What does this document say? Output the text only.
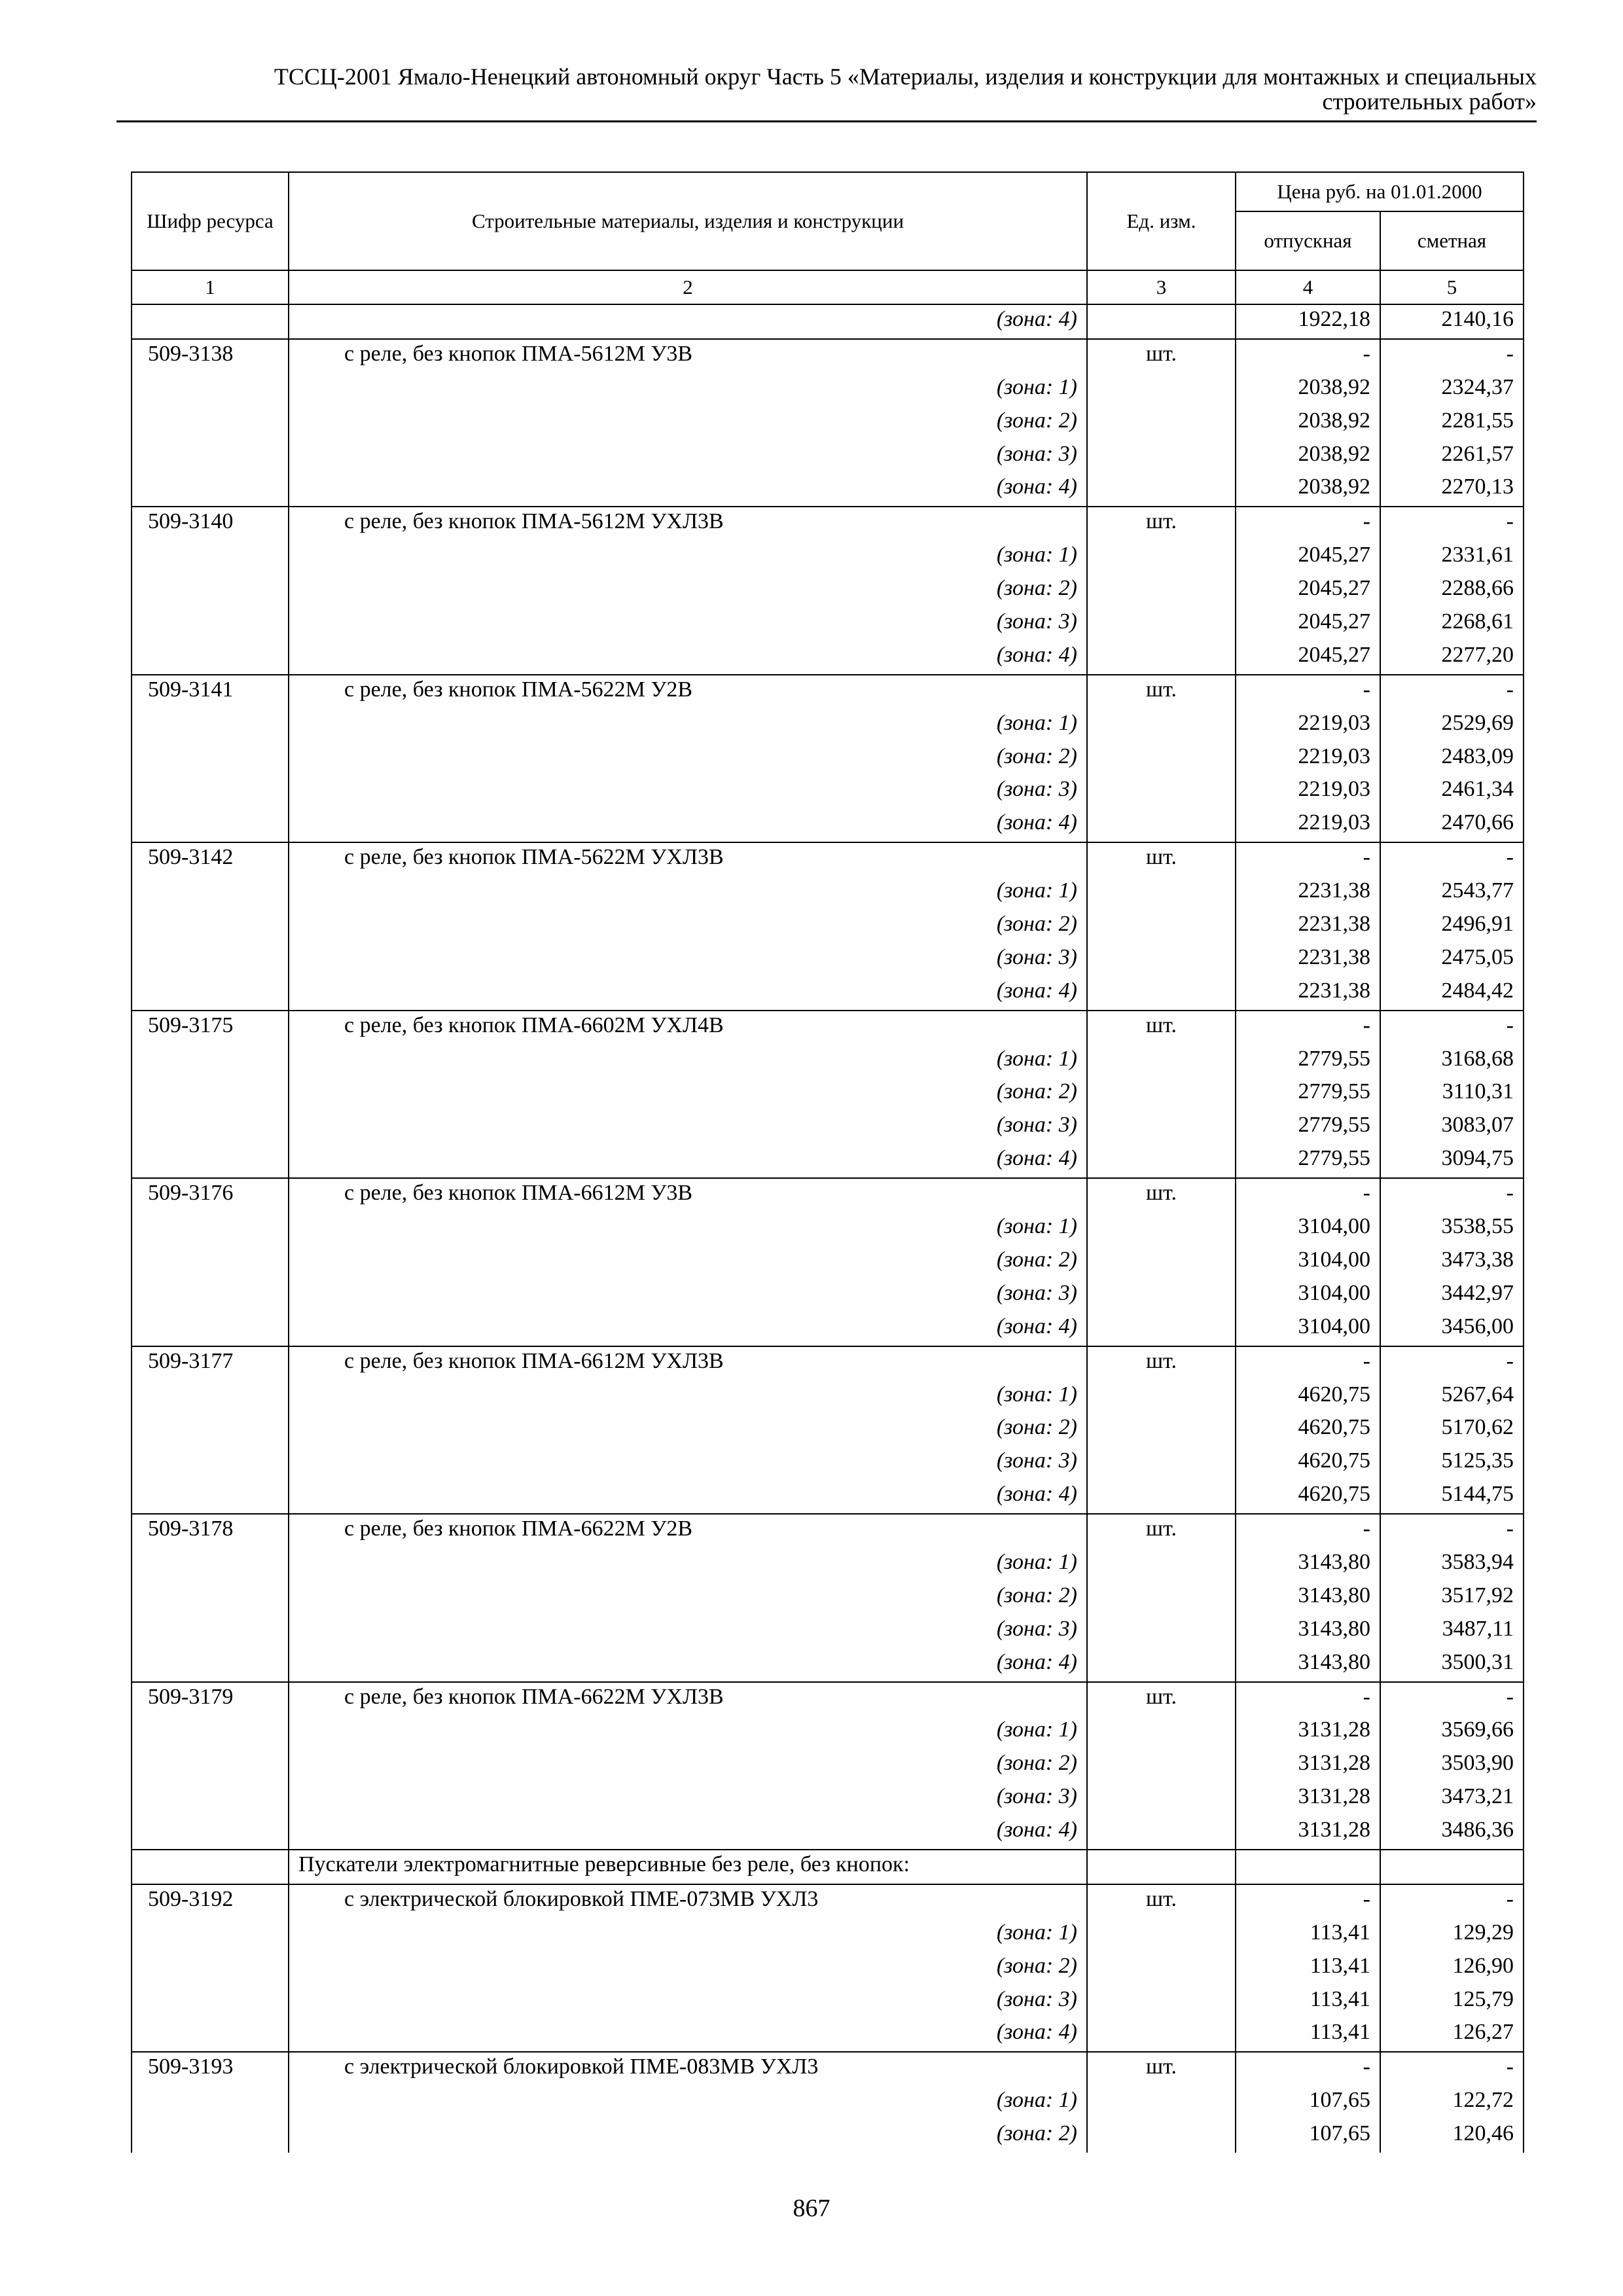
ТССЦ-2001 Ямало-Ненецкий автономный округ Часть 5 «Материалы, изделия и конструкции для монтажных и специальных
строительных работ»
Шифр ресурса	Строительные материалы, изделия и конструкции	Ед. изм.	Цена руб. на 01.01.2000	
			отпускная	сметная
1	2	3	4	5
	(зона: 4)		1922,18	2140,16
509-3138	с реле, без кнопок ПМА-5612М У3В	шт.	-	-
	(зона: 1)		2038,92	2324,37
	(зона: 2)		2038,92	2281,55
	(зона: 3)		2038,92	2261,57
	(зона: 4)		2038,92	2270,13
509-3140	с реле, без кнопок ПМА-5612М УХЛ3В	шт.	-	-
	(зона: 1)		2045,27	2331,61
	(зона: 2)		2045,27	2288,66
	(зона: 3)		2045,27	2268,61
	(зона: 4)		2045,27	2277,20
509-3141	с реле, без кнопок ПМА-5622М У2В	шт.	-	-
	(зона: 1)		2219,03	2529,69
	(зона: 2)		2219,03	2483,09
	(зона: 3)		2219,03	2461,34
	(зона: 4)		2219,03	2470,66
509-3142	с реле, без кнопок ПМА-5622М УХЛ3В	шт.	-	-
	(зона: 1)		2231,38	2543,77
	(зона: 2)		2231,38	2496,91
	(зона: 3)		2231,38	2475,05
	(зона: 4)		2231,38	2484,42
509-3175	с реле, без кнопок ПМА-6602М УХЛ4В	шт.	-	-
	(зона: 1)		2779,55	3168,68
	(зона: 2)		2779,55	3110,31
	(зона: 3)		2779,55	3083,07
	(зона: 4)		2779,55	3094,75
509-3176	с реле, без кнопок ПМА-6612М У3В	шт.	-	-
	(зона: 1)		3104,00	3538,55
	(зона: 2)		3104,00	3473,38
	(зона: 3)		3104,00	3442,97
	(зона: 4)		3104,00	3456,00
509-3177	с реле, без кнопок ПМА-6612М УХЛ3В	шт.	-	-
	(зона: 1)		4620,75	5267,64
	(зона: 2)		4620,75	5170,62
	(зона: 3)		4620,75	5125,35
	(зона: 4)		4620,75	5144,75
509-3178	с реле, без кнопок ПМА-6622М У2В	шт.	-	-
	(зона: 1)		3143,80	3583,94
	(зона: 2)		3143,80	3517,92
	(зона: 3)		3143,80	3487,11
	(зона: 4)		3143,80	3500,31
509-3179	с реле, без кнопок ПМА-6622М УХЛ3В	шт.	-	-
	(зона: 1)		3131,28	3569,66
	(зона: 2)		3131,28	3503,90
	(зона: 3)		3131,28	3473,21
	(зона: 4)		3131,28	3486,36
	Пускатели электромагнитные реверсивные без реле, без кнопок:			
509-3192	с электрической блокировкой ПМЕ-073МВ УХЛ3	шт.	-	-
	(зона: 1)		113,41	129,29
	(зона: 2)		113,41	126,90
	(зона: 3)		113,41	125,79
	(зона: 4)		113,41	126,27
509-3193	с электрической блокировкой ПМЕ-083МВ УХЛ3	шт.	-	-
	(зона: 1)		107,65	122,72
	(зона: 2)		107,65	120,46
867
